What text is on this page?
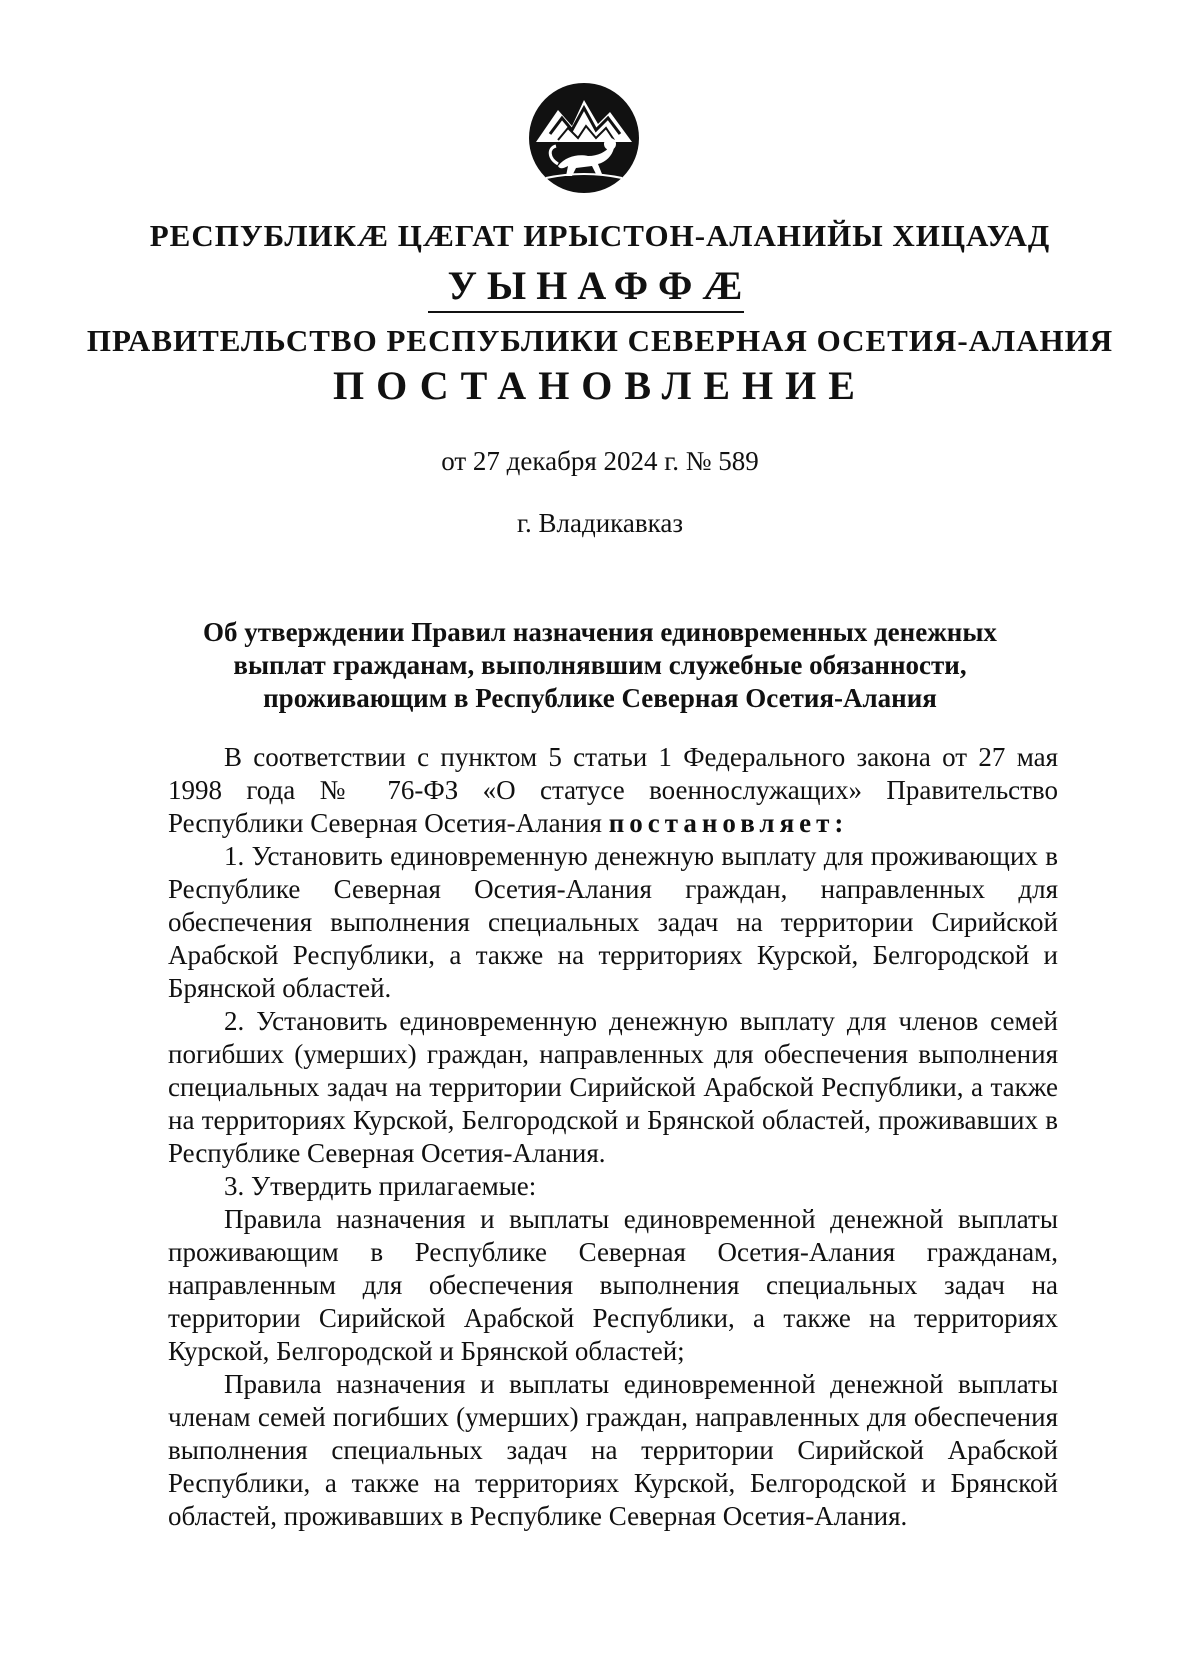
РЕСПУБЛИКӔ ЦӔГАТ ИРЫСТОН-АЛАНИЙЫ ХИЦАУАД
УЫНАФФӔ
ПРАВИТЕЛЬСТВО РЕСПУБЛИКИ СЕВЕРНАЯ ОСЕТИЯ-АЛАНИЯ
ПОСТАНОВЛЕНИЕ
от 27 декабря 2024 г. № 589
г. Владикавказ
Об утверждении Правил назначения единовременных денежных
выплат гражданам, выполнявшим служебные обязанности,
проживающим в Республике Северная Осетия-Алания

В соответствии с пунктом 5 статьи 1 Федерального закона от 27 мая 1998 года № 76-ФЗ «О статусе военнослужащих» Правительство Республики Северная Осетия-Алания постановляет:

1. Установить единовременную денежную выплату для проживающих в Республике Северная Осетия-Алания граждан, направленных для обеспечения выполнения специальных задач на территории Сирийской Арабской Республики, а также на территориях Курской, Белгородской и Брянской областей.

2. Установить единовременную денежную выплату для членов семей погибших (умерших) граждан, направленных для обеспечения выполнения специальных задач на территории Сирийской Арабской Республики, а также на территориях Курской, Белгородской и Брянской областей, проживавших в Республике Северная Осетия-Алания.

3. Утвердить прилагаемые:

Правила назначения и выплаты единовременной денежной выплаты проживающим в Республике Северная Осетия-Алания гражданам, направленным для обеспечения выполнения специальных задач на территории Сирийской Арабской Республики, а также на территориях Курской, Белгородской и Брянской областей;

Правила назначения и выплаты единовременной денежной выплаты членам семей погибших (умерших) граждан, направленных для обеспечения выполнения специальных задач на территории Сирийской Арабской Республики, а также на территориях Курской, Белгородской и Брянской областей, проживавших в Республике Северная Осетия-Алания.
